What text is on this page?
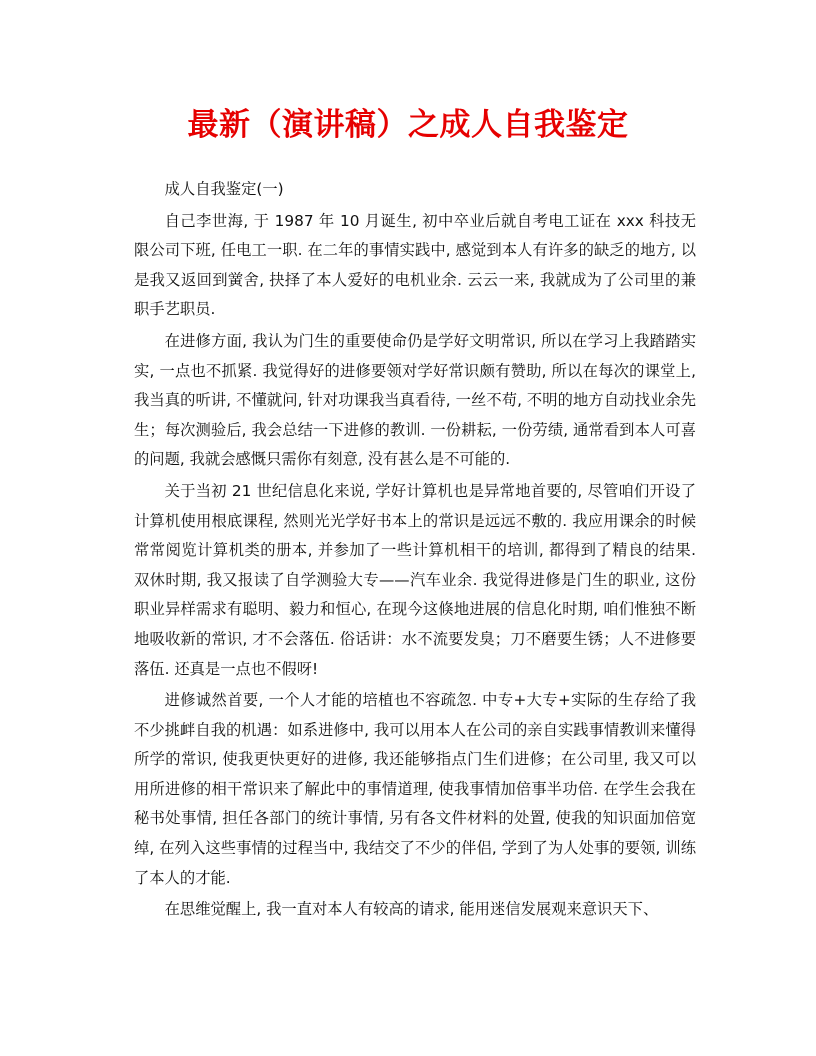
最新（演讲稿）之成人自我鉴定

成人自我鉴定(一)

自己李世海, 于 1987 年 10 月诞生, 初中卒业后就自考电工证在 xxx 科技无限公司下班, 任电工一职. 在二年的事情实践中, 感觉到本人有许多的缺乏的地方, 以是我又返回到黉舍, 抉择了本人爱好的电机业余. 云云一来, 我就成为了公司里的兼职手艺职员.

在进修方面, 我认为门生的重要使命仍是学好文明常识, 所以在学习上我踏踏实实, 一点也不抓紧. 我觉得好的进修要领对学好常识颇有赞助, 所以在每次的课堂上, 我当真的听讲, 不懂就问, 针对功课我当真看待, 一丝不苟, 不明的地方自动找业余先生；每次测验后, 我会总结一下进修的教训. 一份耕耘, 一份劳绩, 通常看到本人可喜的问题, 我就会感慨只需你有刻意, 没有甚么是不可能的.

关于当初 21 世纪信息化来说, 学好计算机也是异常地首要的, 尽管咱们开设了计算机使用根底课程, 然则光光学好书本上的常识是远远不敷的. 我应用课余的时候常常阅览计算机类的册本, 并参加了一些计算机相干的培训, 都得到了精良的结果. 双休时期, 我又报读了自学测验大专——汽车业余. 我觉得进修是门生的职业, 这份职业异样需求有聪明、毅力和恒心, 在现今这倏地进展的信息化时期, 咱们惟独不断地吸收新的常识, 才不会落伍. 俗话讲：水不流要发臭；刀不磨要生锈；人不进修要落伍. 还真是一点也不假呀!

进修诚然首要, 一个人才能的培植也不容疏忽. 中专+大专+实际的生存给了我不少挑衅自我的机遇：如系进修中, 我可以用本人在公司的亲自实践事情教训来懂得所学的常识, 使我更快更好的进修, 我还能够指点门生们进修；在公司里, 我又可以用所进修的相干常识来了解此中的事情道理, 使我事情加倍事半功倍. 在学生会我在秘书处事情, 担任各部门的统计事情, 另有各文件材料的处置, 使我的知识面加倍宽绰, 在列入这些事情的过程当中, 我结交了不少的伴侣, 学到了为人处事的要领, 训练了本人的才能.

在思维觉醒上, 我一直对本人有较高的请求, 能用迷信发展观来意识天下、
